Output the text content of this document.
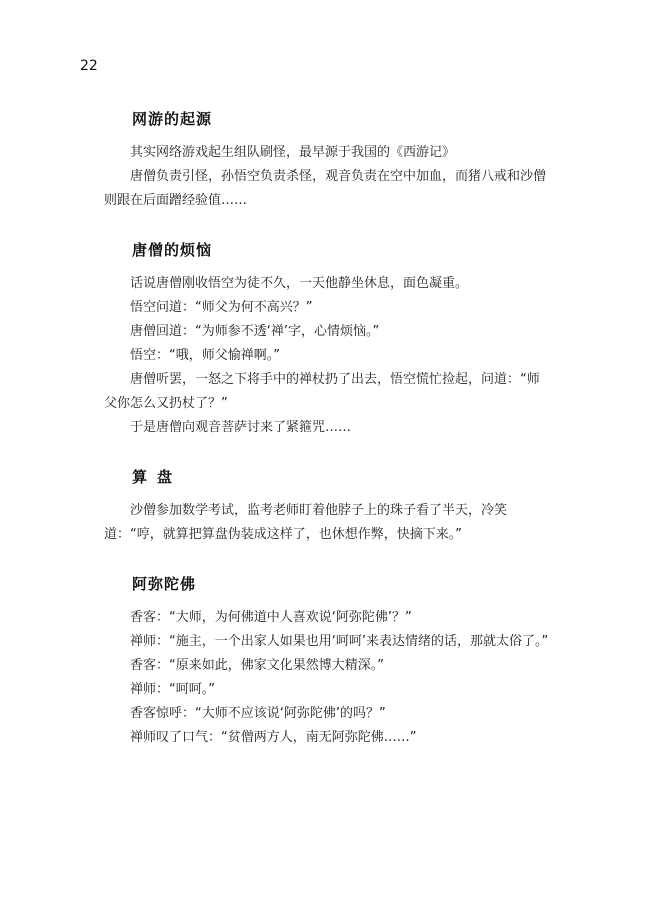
22
网游的起源

其实网络游戏起生组队刷怪，最早源于我国的《西游记》

唐僧负责引怪，孙悟空负责杀怪，观音负责在空中加血，而猪八戒和沙僧则跟在后面蹭经验值……

唐僧的烦恼

话说唐僧刚收悟空为徒不久，一天他静坐休息，面色凝重。

悟空问道：“师父为何不高兴？”

唐僧回道：“为师参不透‘禅’字，心情烦恼。”

悟空：“哦，师父愉禅啊。”

唐僧听罢，一怒之下将手中的禅杖扔了出去，悟空慌忙捡起，问道：“师父你怎么又扔杖了？”

于是唐僧向观音菩萨讨来了紧箍咒……

算盘

沙僧参加数学考试，监考老师盯着他脖子上的珠子看了半天，冷笑道：“哼，就算把算盘伪装成这样了，也休想作弊，快摘下来。”

阿弥陀佛

香客：“大师，为何佛道中人喜欢说‘阿弥陀佛’？”

禅师：“施主，一个出家人如果也用‘呵呵’来表达情绪的话，那就太俗了。”

香客：“原来如此，佛家文化果然博大精深。”

禅师：“呵呵。”

香客惊呼：“大师不应该说‘阿弥陀佛’的吗？”

禅师叹了口气：“贫僧两方人，南无阿弥陀佛……”
